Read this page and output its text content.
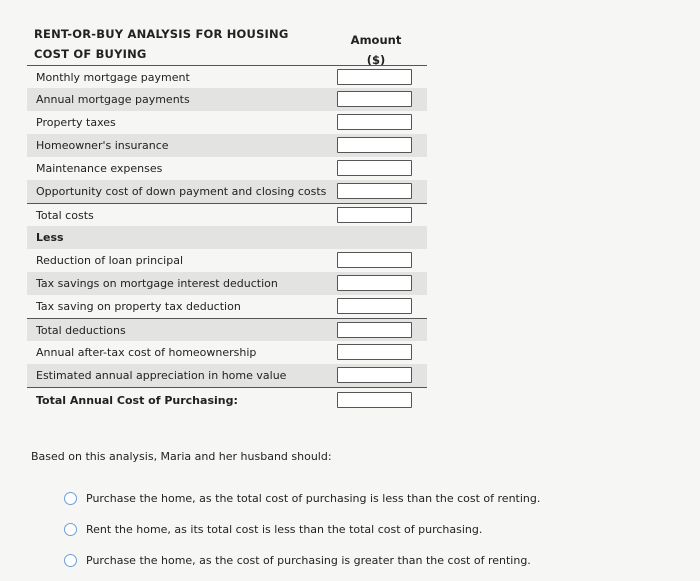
RENT-OR-BUY ANALYSIS FOR HOUSING
COST OF BUYING
Amount
($)
Monthly mortgage payment
Annual mortgage payments
Property taxes
Homeowner's insurance
Maintenance expenses
Opportunity cost of down payment and closing costs
Total costs
Less
Reduction of loan principal
Tax savings on mortgage interest deduction
Tax saving on property tax deduction
Total deductions
Annual after-tax cost of homeownership
Estimated annual appreciation in home value
Total Annual Cost of Purchasing:
Based on this analysis, Maria and her husband should:
Purchase the home, as the total cost of purchasing is less than the cost of renting.
Rent the home, as its total cost is less than the total cost of purchasing.
Purchase the home, as the cost of purchasing is greater than the cost of renting.
